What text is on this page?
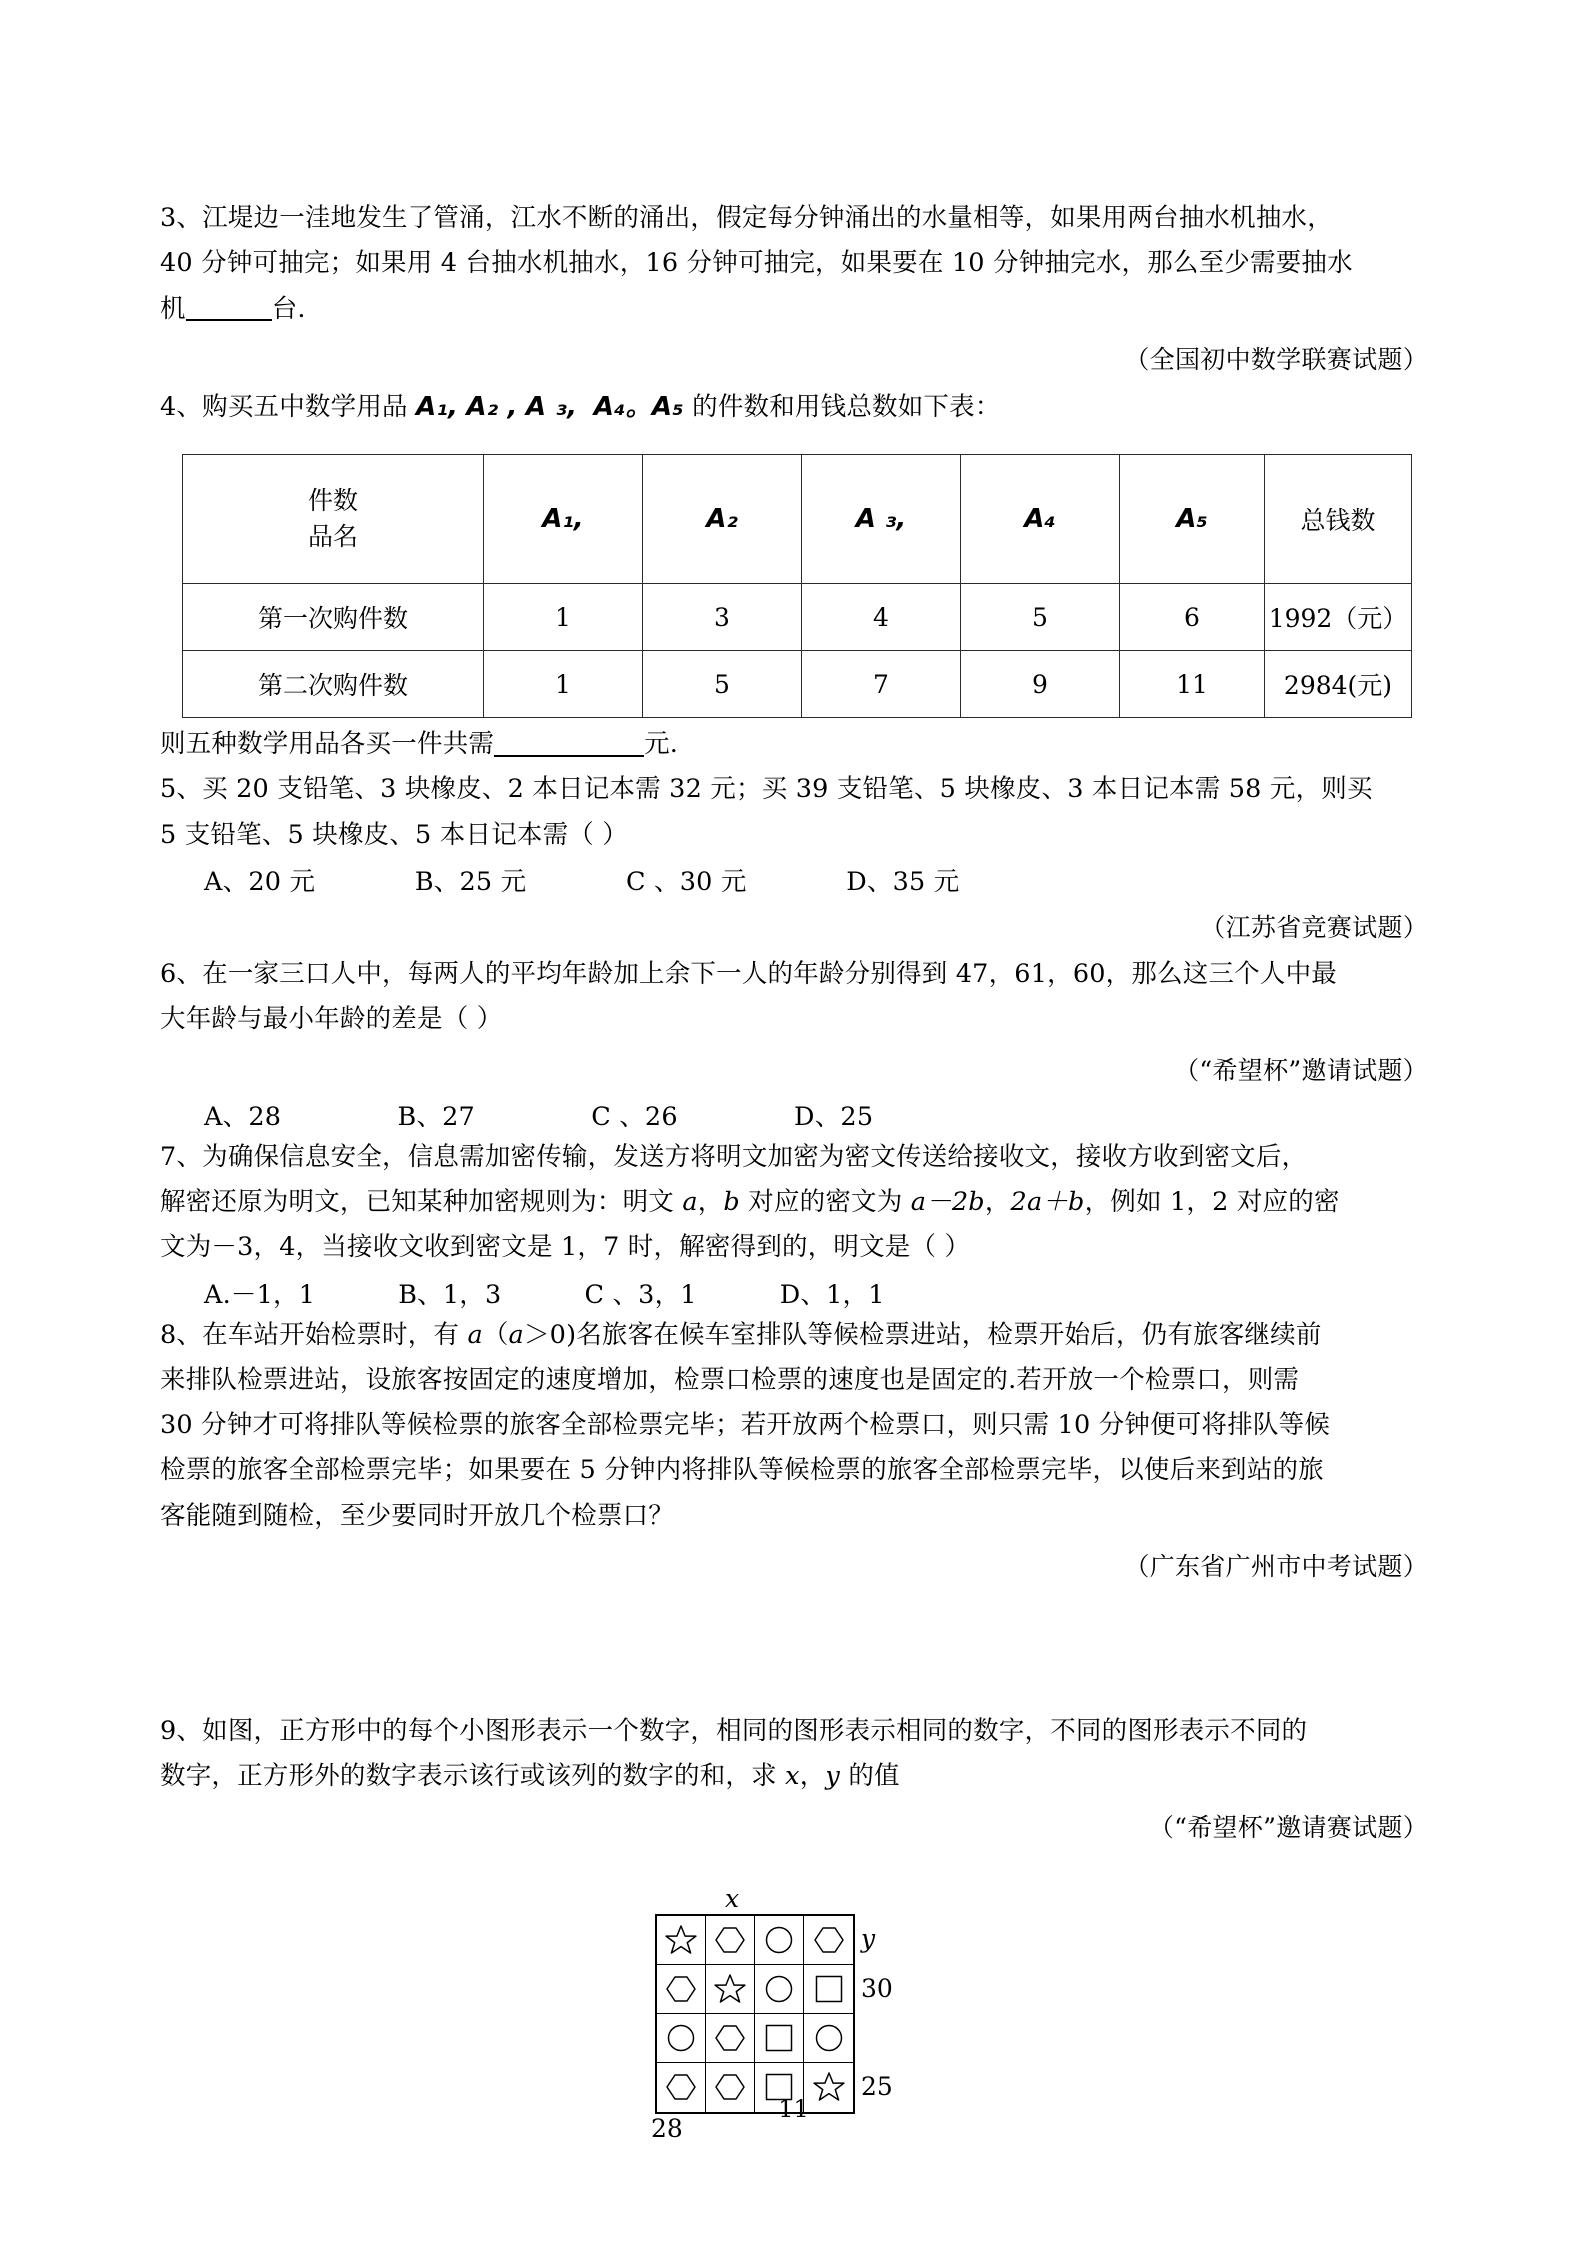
3、江堤边一洼地发生了管涌，江水不断的涌出，假定每分钟涌出的水量相等，如果用两台抽水机抽水，

40 分钟可抽完；如果用 4 台抽水机抽水，16 分钟可抽完，如果要在 10 分钟抽完水，那么至少需要抽水

机	台.

（全国初中数学联赛试题）

4、购买五中数学用品 A₁, A₂ , A ₃, A₄。A₅ 的件数和用钱总数如下表：

件数
品名	A₁,	A₂	A ₃,	A₄	A₅	总钱数
第一次购件数	1	3	4	5	6	1992（元）
第二次购件数	1	5	7	9	11	2984(元)

则五种数学用品各买一件共需	元.

5、买 20 支铅笔、3 块橡皮、2 本日记本需 32 元；买 39 支铅笔、5 块橡皮、3 本日记本需 58 元，则买

5 支铅笔、5 块橡皮、5 本日记本需（ ）

A、20 元            B、25 元            C 、30 元            D、35 元

（江苏省竞赛试题）

6、在一家三口人中，每两人的平均年龄加上余下一人的年龄分别得到 47，61，60，那么这三个人中最

大年龄与最小年龄的差是（ ）

（“希望杯”邀请试题）

A、28              B、27              C 、26              D、25

7、为确保信息安全，信息需加密传输，发送方将明文加密为密文传送给接收文，接收方收到密文后，

解密还原为明文，已知某种加密规则为：明文 a，b 对应的密文为 a－2b，2a＋b，例如 1，2 对应的密

文为－3，4，当接收文收到密文是 1，7 时，解密得到的，明文是（ ）

A.－1，1          B、1，3          C 、3，1          D、1，1

8、在车站开始检票时，有 a（a＞0)名旅客在候车室排队等候检票进站，检票开始后，仍有旅客继续前

来排队检票进站，设旅客按固定的速度增加，检票口检票的速度也是固定的.若开放一个检票口，则需

30 分钟才可将排队等候检票的旅客全部检票完毕；若开放两个检票口，则只需 10 分钟便可将排队等候

检票的旅客全部检票完毕；如果要在 5 分钟内将排队等候检票的旅客全部检票完毕，以使后来到站的旅

客能随到随检，至少要同时开放几个检票口？

（广东省广州市中考试题）

9、如图，正方形中的每个小图形表示一个数字，相同的图形表示相同的数字，不同的图形表示不同的

数字，正方形外的数字表示该行或该列的数字的和，求 x，y 的值

（“希望杯”邀请赛试题）

x
y
30
25
28
11
